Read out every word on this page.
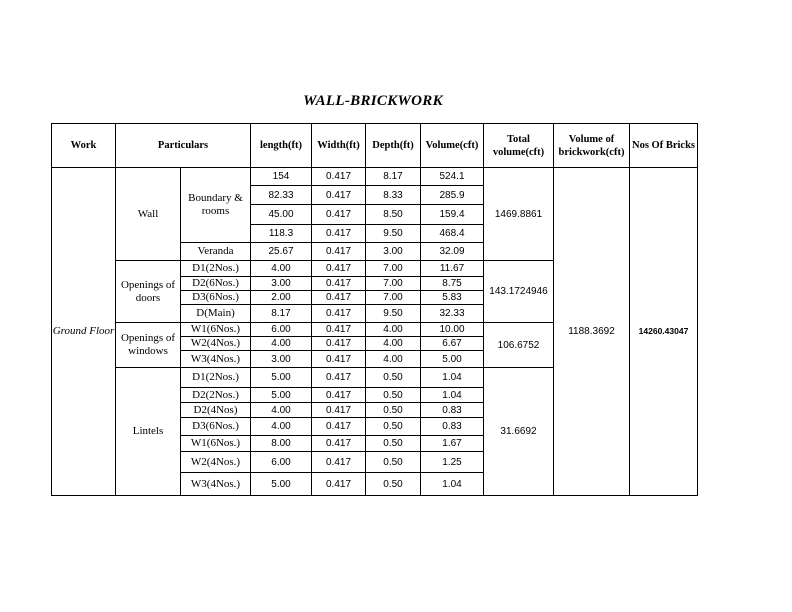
WALL-BRICKWORK
Work	Particulars		length(ft)	Width(ft)	Depth(ft)	Volume(cft)	Total volume(cft)	Volume of brickwork(cft)	Nos Of Bricks
Ground Floor	Wall	Boundary & rooms	154	0.417	8.17	524.1	1469.8861	1188.3692	14260.43047
			82.33	0.417	8.33	285.9			
			45.00	0.417	8.50	159.4			
			118.3	0.417	9.50	468.4			
		Veranda	25.67	0.417	3.00	32.09			
	Openings of doors	D1(2Nos.)	4.00	0.417	7.00	11.67	143.1724946		
		D2(6Nos.)	3.00	0.417	7.00	8.75			
		D3(6Nos.)	2.00	0.417	7.00	5.83			
		D(Main)	8.17	0.417	9.50	32.33			
	Openings of windows	W1(6Nos.)	6.00	0.417	4.00	10.00	106.6752		
		W2(4Nos.)	4.00	0.417	4.00	6.67			
		W3(4Nos.)	3.00	0.417	4.00	5.00			
	Lintels	D1(2Nos.)	5.00	0.417	0.50	1.04	31.6692		
		D2(2Nos.)	5.00	0.417	0.50	1.04			
		D2(4Nos)	4.00	0.417	0.50	0.83			
		D3(6Nos.)	4.00	0.417	0.50	0.83			
		W1(6Nos.)	8.00	0.417	0.50	1.67			
		W2(4Nos.)	6.00	0.417	0.50	1.25			
		W3(4Nos.)	5.00	0.417	0.50	1.04			
